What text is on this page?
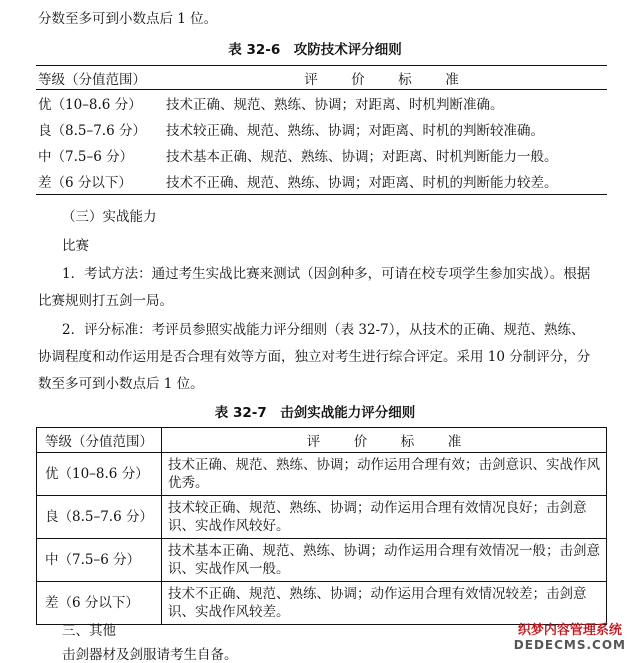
分数至多可到小数点后 1 位。
表 32-6　攻防技术评分细则
等级（分值范围）	评　价　标　准
优（10–8.6 分）	技术正确、规范、熟练、协调；对距离、时机判断准确。
良（8.5–7.6 分）	技术较正确、规范、熟练、协调；对距离、时机的判断较准确。
中（7.5–6 分）	技术基本正确、规范、熟练、协调；对距离、时机判断能力一般。
差（6 分以下）	技术不正确、规范、熟练、协调；对距离、时机的判断能力较差。
（三）实战能力
比赛
1．考试方法：通过考生实战比赛来测试（因剑种多，可请在校专项学生参加实战）。根据
比赛规则打五剑一局。
2．评分标准：考评员参照实战能力评分细则（表 32-7），从技术的正确、规范、熟练、
协调程度和动作运用是否合理有效等方面，独立对考生进行综合评定。采用 10 分制评分，分
数至多可到小数点后 1 位。
表 32-7　击剑实战能力评分细则
等级（分值范围）	评　价　标　准
优（10–8.6 分）	技术正确、规范、熟练、协调；动作运用合理有效；击剑意识、实战作风优秀。
良（8.5–7.6 分）	技术较正确、规范、熟练、协调；动作运用合理有效情况良好；击剑意识、实战作风较好。
中（7.5–6 分）	技术基本正确、规范、熟练、协调；动作运用合理有效情况一般；击剑意识、实战作风一般。
差（6 分以下）	技术不正确、规范、熟练、协调；动作运用合理有效情况较差；击剑意识、实战作风较差。
三、其他
击剑器材及剑服请考生自备。
织梦内容管理系统
DEDECMS.COM
